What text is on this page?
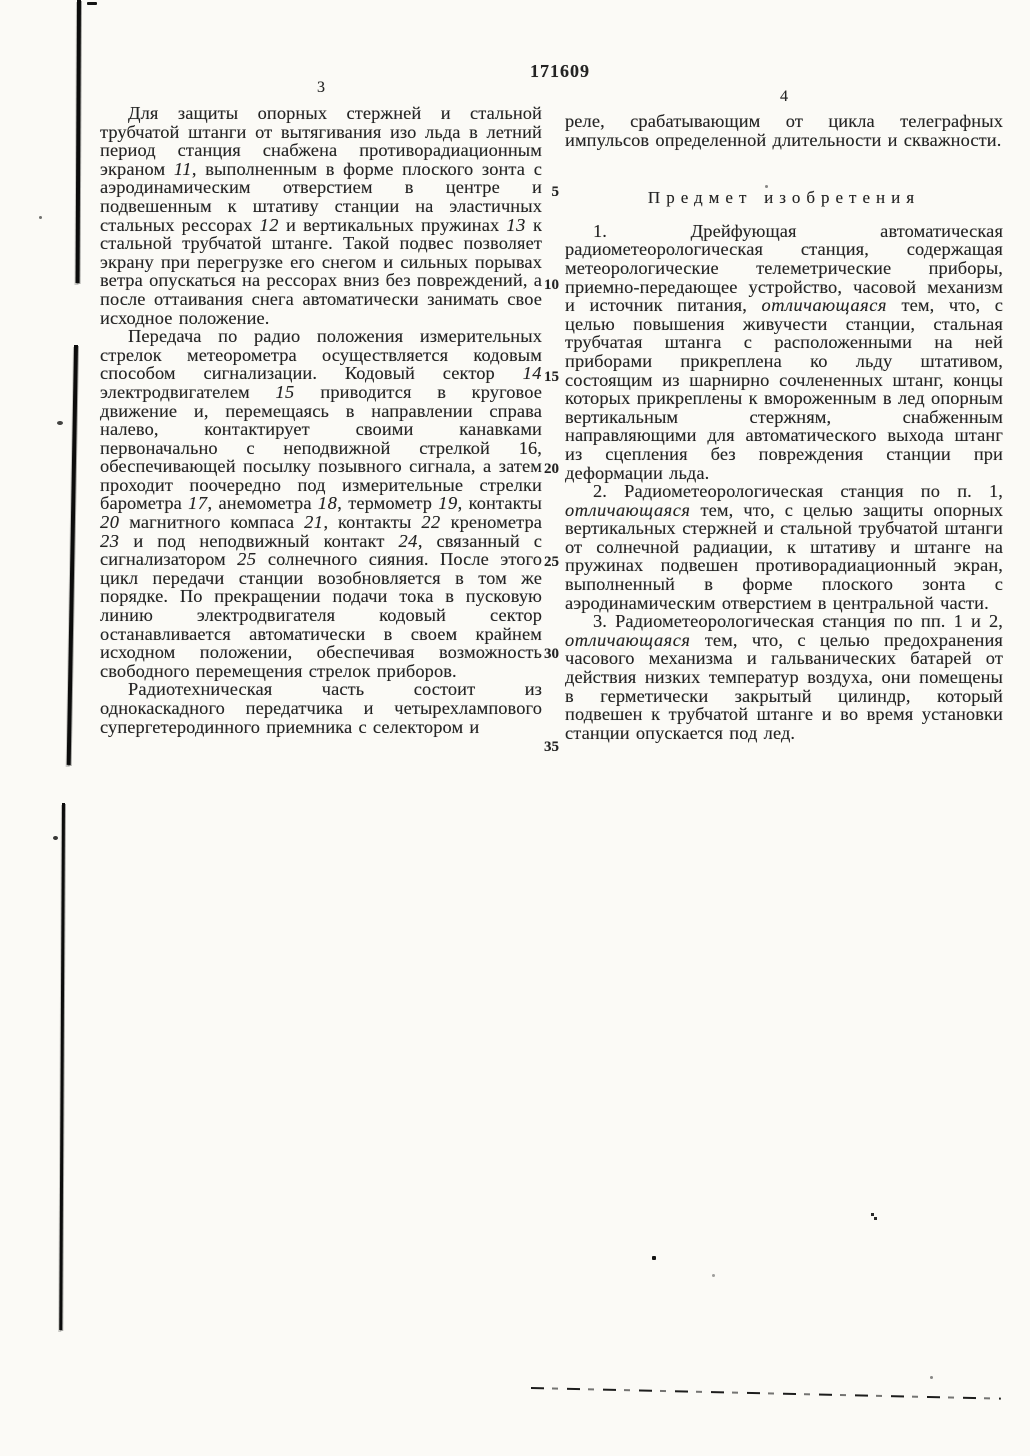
171609
3
4

Для защиты опорных стержней и стальной трубчатой штанги от вытягивания изо льда в летний период станция снабжена противорадиационным экраном 11, выполненным в форме плоского зонта с аэродинамическим отверстием в центре и подвешенным к штативу станции на эластичных стальных рессорах 12 и вертикальных пружинах 13 к стальной трубчатой штанге. Такой подвес позволяет экрану при перегрузке его снегом и сильных порывах ветра опускаться на рессорах вниз без повреждений, а после оттаивания снега автоматически занимать свое исходное положение.

Передача по радио положения измерительных стрелок метеорометра осуществляется кодовым способом сигнализации. Кодовый сектор 14 электродвигателем 15 приводится в круговое движение и, перемещаясь в направлении справа налево, контактирует своими канавками первоначально с неподвижной стрелкой 16, обеспечивающей посылку позывного сигнала, а затем проходит поочередно под измерительные стрелки барометра 17, анемометра 18, термометр 19, контакты 20 магнитного компаса 21, контакты 22 кренометра 23 и под неподвижный контакт 24, связанный с сигнализатором 25 солнечного сияния. После этого цикл передачи станции возобновляется в том же порядке. По прекращении подачи тока в пусковую линию электродвигателя кодовый сектор останавливается автоматически в своем крайнем исходном положении, обеспечивая возможность свободного перемещения стрелок приборов.

Радиотехническая часть состоит из однокаскадного передатчика и четырехлампового супергетеродинного приемника с селектором и

5
10
15
20
25
30
35

реле, срабатывающим от цикла телеграфных импульсов определенной длительности и скважности.

Предмет изобретения

1. Дрейфующая автоматическая радиометеорологическая станция, содержащая метеорологические телеметрические приборы, приемно-передающее устройство, часовой механизм и источник питания, отличающаяся тем, что, с целью повышения живучести станции, стальная трубчатая штанга с расположенными на ней приборами прикреплена ко льду штативом, состоящим из шарнирно сочлененных штанг, концы которых прикреплены к вмороженным в лед опорным вертикальным стержням, снабженным направляющими для автоматического выхода штанг из сцепления без повреждения станции при деформации льда.

2. Радиометеорологическая станция по п. 1, отличающаяся тем, что, с целью защиты опорных вертикальных стержней и стальной трубчатой штанги от солнечной радиации, к штативу и штанге на пружинах подвешен противорадиационный экран, выполненный в форме плоского зонта с аэродинамическим отверстием в центральной части.

3. Радиометеорологическая станция по пп. 1 и 2, отличающаяся тем, что, с целью предохранения часового механизма и гальванических батарей от действия низких температур воздуха, они помещены в герметически закрытый цилиндр, который подвешен к трубчатой штанге и во время установки станции опускается под лед.
